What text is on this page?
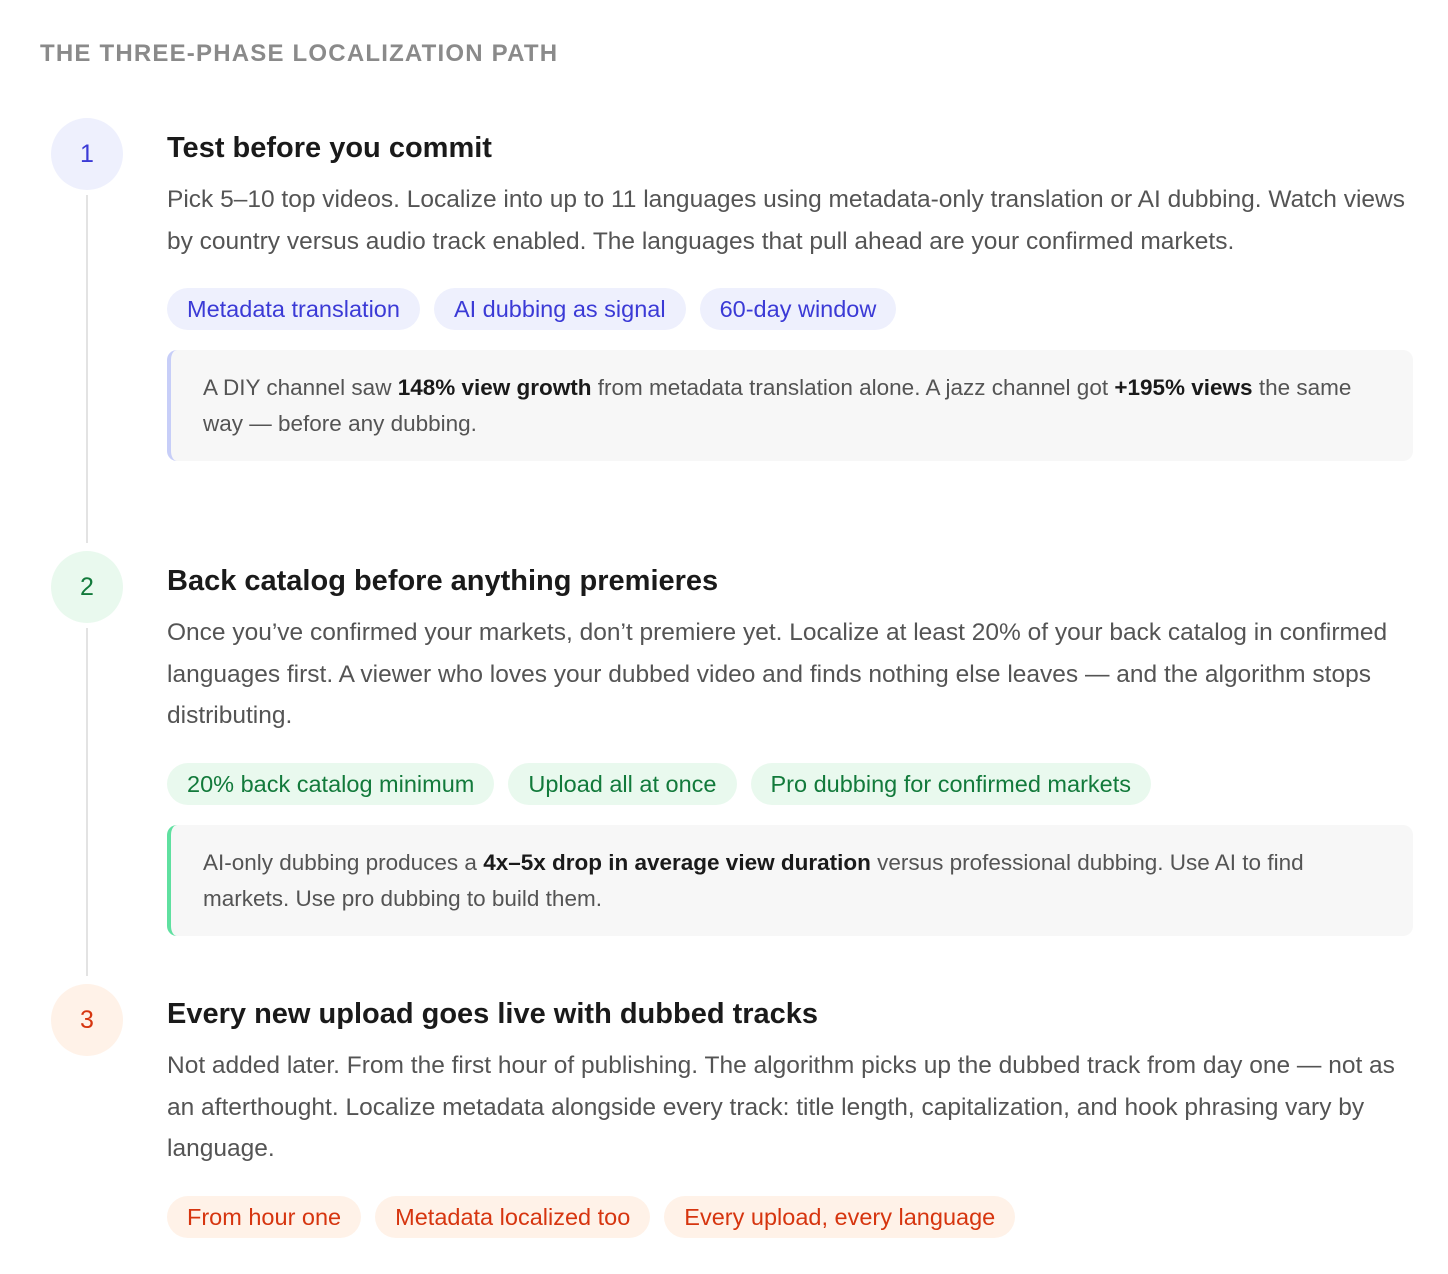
THE THREE-PHASE LOCALIZATION PATH
1	Test before you commit
Pick 5–10 top videos. Localize into up to 11 languages using metadata-only translation or AI dubbing. Watch views by country versus audio track enabled. The languages that pull ahead are your confirmed markets.
Metadata translation	AI dubbing as signal	60-day window
A DIY channel saw 148% view growth from metadata translation alone. A jazz channel got +195% views the same way — before any dubbing.
2	Back catalog before anything premieres
Once you’ve confirmed your markets, don’t premiere yet. Localize at least 20% of your back catalog in confirmed languages first. A viewer who loves your dubbed video and finds nothing else leaves — and the algorithm stops distributing.
20% back catalog minimum	Upload all at once	Pro dubbing for confirmed markets
AI-only dubbing produces a 4x–5x drop in average view duration versus professional dubbing. Use AI to find markets. Use pro dubbing to build them.
3	Every new upload goes live with dubbed tracks
Not added later. From the first hour of publishing. The algorithm picks up the dubbed track from day one — not as an afterthought. Localize metadata alongside every track: title length, capitalization, and hook phrasing vary by language.
From hour one	Metadata localized too	Every upload, every language
